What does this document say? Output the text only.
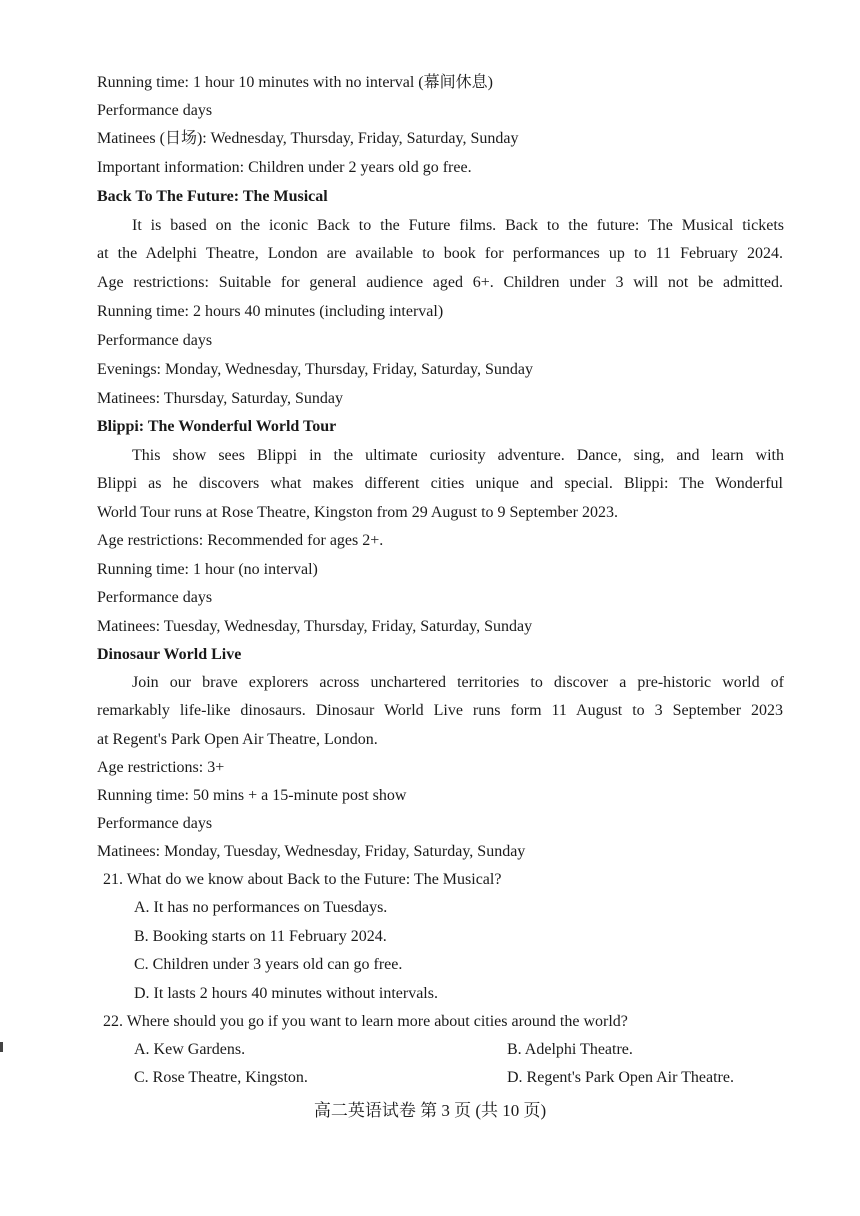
Running time: 1 hour 10 minutes with no interval (幕间休息)
Performance days
Matinees (日场): Wednesday, Thursday, Friday, Saturday, Sunday
Important information: Children under 2 years old go free.
Back To The Future: The Musical
It is based on the iconic Back to the Future films. Back to the future: The Musical tickets
at the Adelphi Theatre, London are available to book for performances up to 11 February 2024.
Age restrictions: Suitable for general audience aged 6+. Children under 3 will not be admitted.
Running time: 2 hours 40 minutes (including interval)
Performance days
Evenings: Monday, Wednesday, Thursday, Friday, Saturday, Sunday
Matinees: Thursday, Saturday, Sunday
Blippi: The Wonderful World Tour
This show sees Blippi in the ultimate curiosity adventure. Dance, sing, and learn with
Blippi as he discovers what makes different cities unique and special. Blippi: The Wonderful
World Tour runs at Rose Theatre, Kingston from 29 August to 9 September 2023.
Age restrictions: Recommended for ages 2+.
Running time: 1 hour (no interval)
Performance days
Matinees: Tuesday, Wednesday, Thursday, Friday, Saturday, Sunday
Dinosaur World Live
Join our brave explorers across unchartered territories to discover a pre-historic world of
remarkably life-like dinosaurs. Dinosaur World Live runs form 11 August to 3 September 2023
at Regent's Park Open Air Theatre, London.
Age restrictions: 3+
Running time: 50 mins + a 15-minute post show
Performance days
Matinees: Monday, Tuesday, Wednesday, Friday, Saturday, Sunday
21. What do we know about Back to the Future: The Musical?
A. It has no performances on Tuesdays.
B. Booking starts on 11 February 2024.
C. Children under 3 years old can go free.
D. It lasts 2 hours 40 minutes without intervals.
22. Where should you go if you want to learn more about cities around the world?
A. Kew Gardens.	B. Adelphi Theatre.
C. Rose Theatre, Kingston.	D. Regent's Park Open Air Theatre.
高二英语试卷 第 3 页 (共 10 页)
